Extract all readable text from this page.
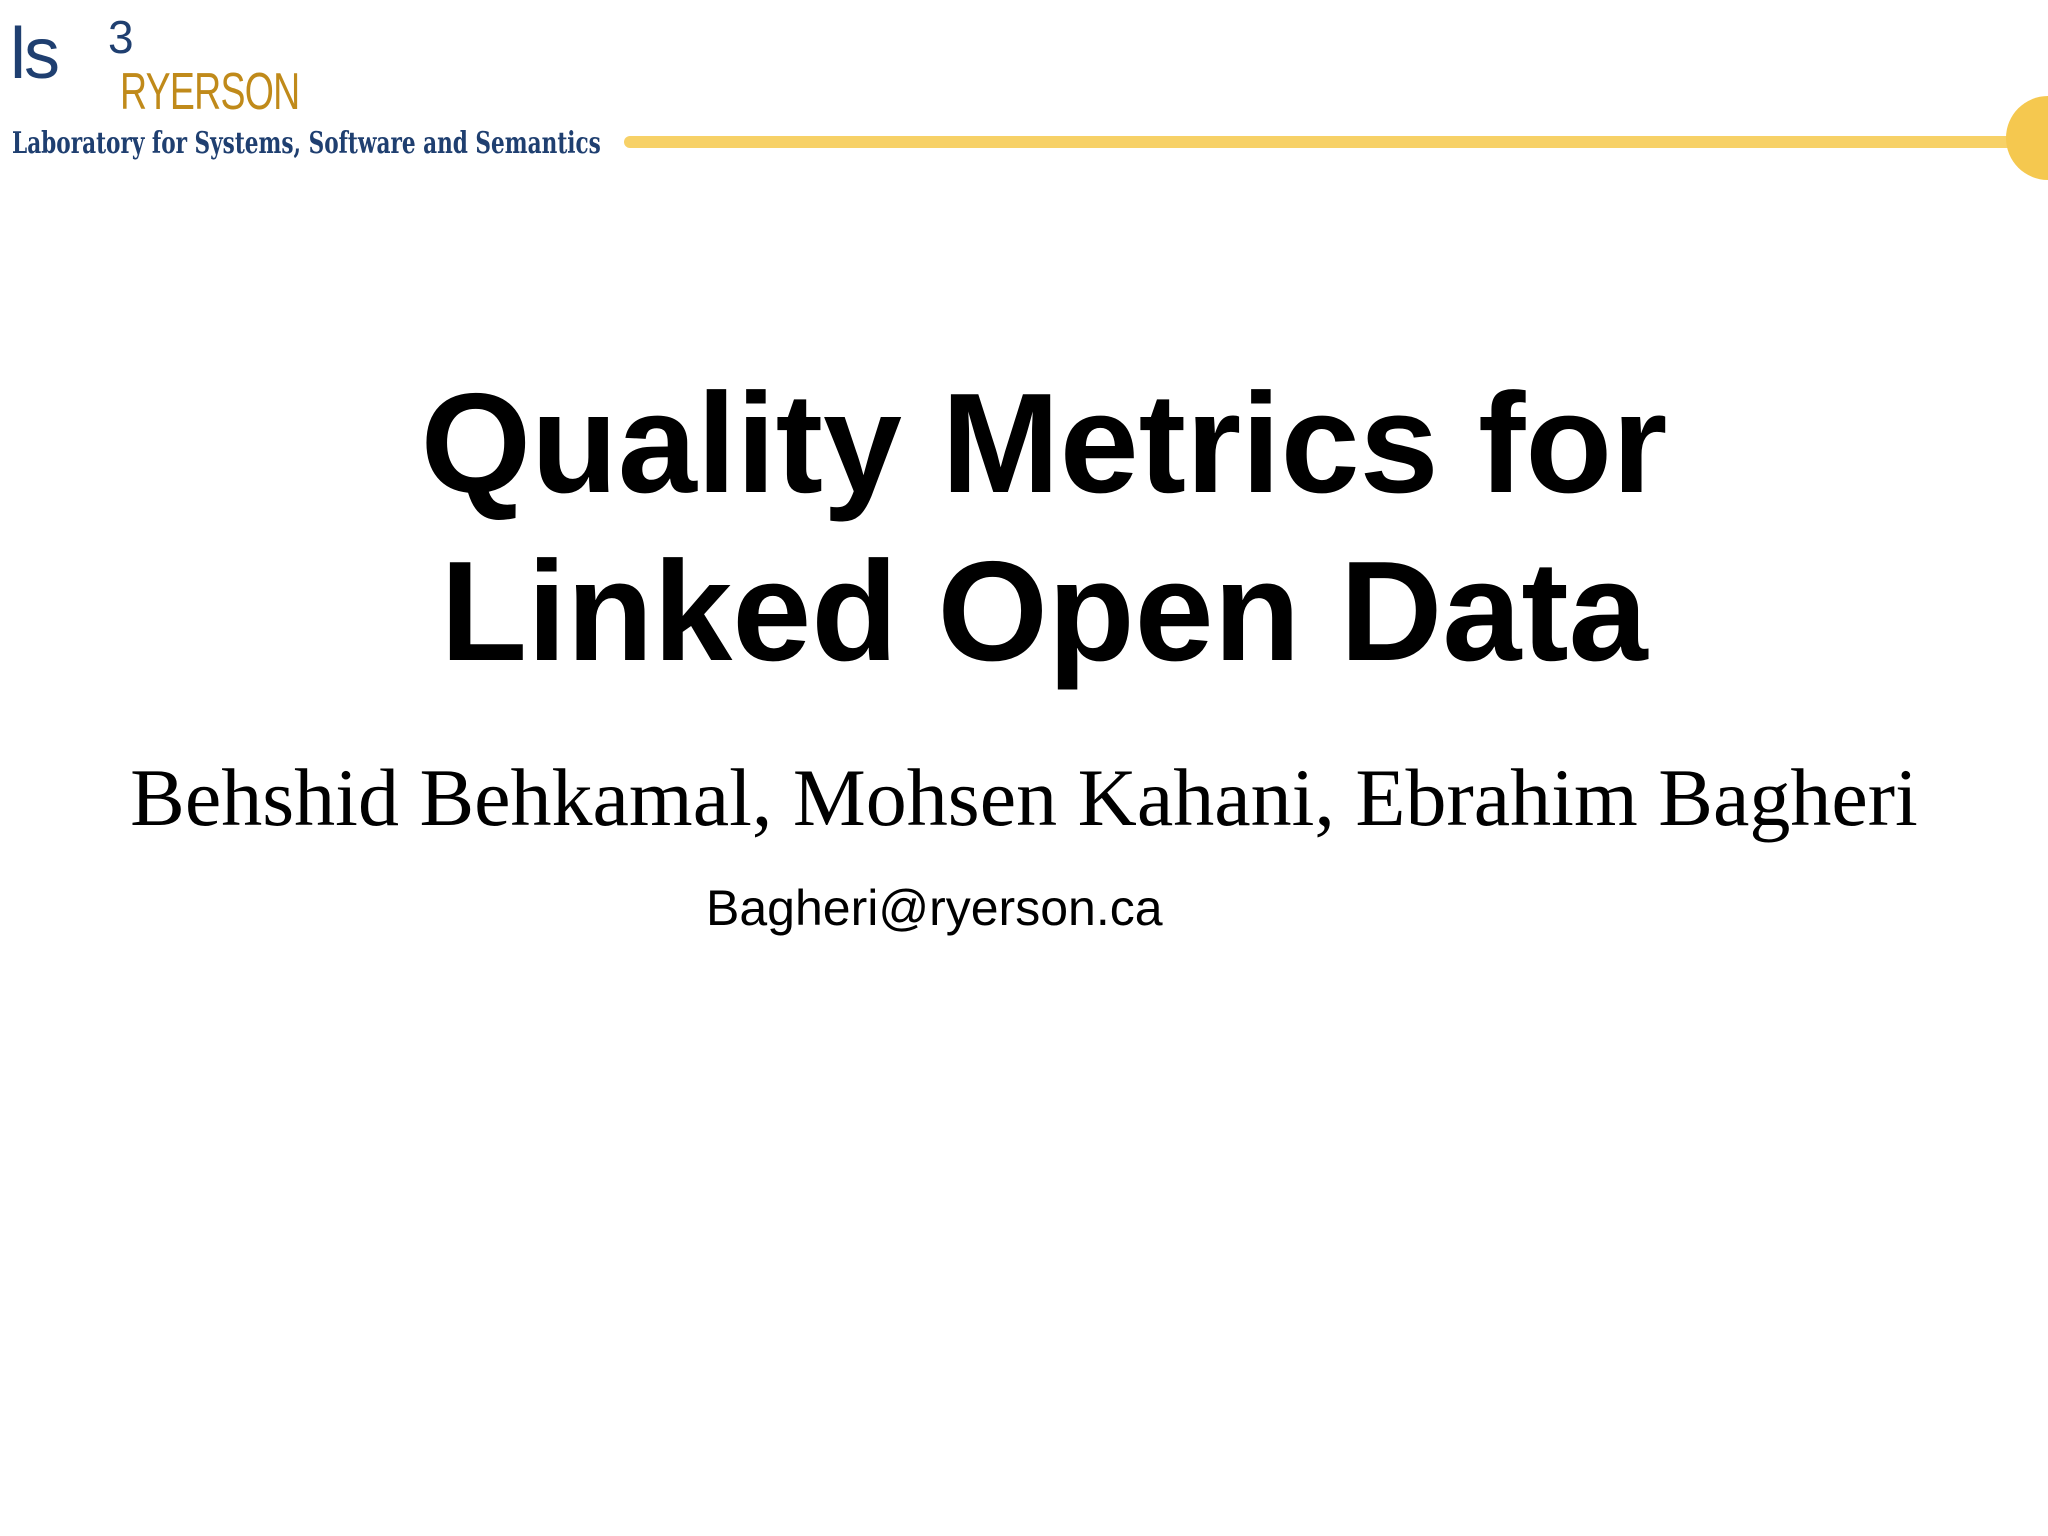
ls 3
RYERSON
Laboratory for Systems, Software and Semantics
Quality Metrics for
Linked Open Data
Behshid Behkamal, Mohsen Kahani, Ebrahim Bagheri
Bagheri@ryerson.ca
